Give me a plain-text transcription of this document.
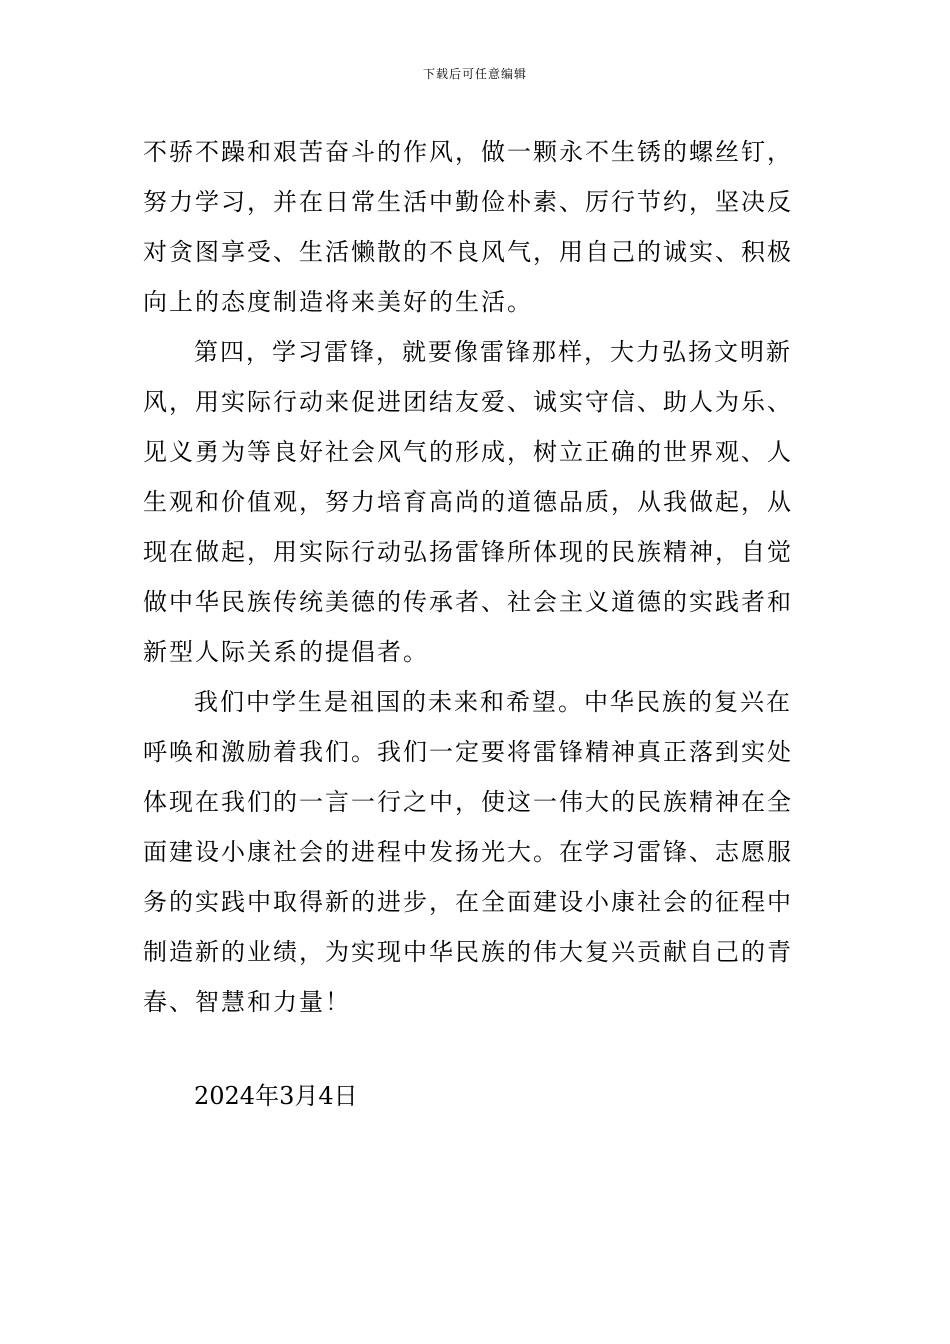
下载后可任意编辑
不骄不躁和艰苦奋斗的作风，做一颗永不生锈的螺丝钉，
努力学习，并在日常生活中勤俭朴素、厉行节约，坚决反
对贪图享受、生活懒散的不良风气，用自己的诚实、积极
向上的态度制造将来美好的生活。
第四，学习雷锋，就要像雷锋那样，大力弘扬文明新
风，用实际行动来促进团结友爱、诚实守信、助人为乐、
见义勇为等良好社会风气的形成，树立正确的世界观、人
生观和价值观，努力培育高尚的道德品质，从我做起，从
现在做起，用实际行动弘扬雷锋所体现的民族精神，自觉
做中华民族传统美德的传承者、社会主义道德的实践者和
新型人际关系的提倡者。
我们中学生是祖国的未来和希望。中华民族的复兴在
呼唤和激励着我们。我们一定要将雷锋精神真正落到实处
体现在我们的一言一行之中，使这一伟大的民族精神在全
面建设小康社会的进程中发扬光大。在学习雷锋、志愿服
务的实践中取得新的进步，在全面建设小康社会的征程中
制造新的业绩，为实现中华民族的伟大复兴贡献自己的青
春、智慧和力量！
2024年3月4日
